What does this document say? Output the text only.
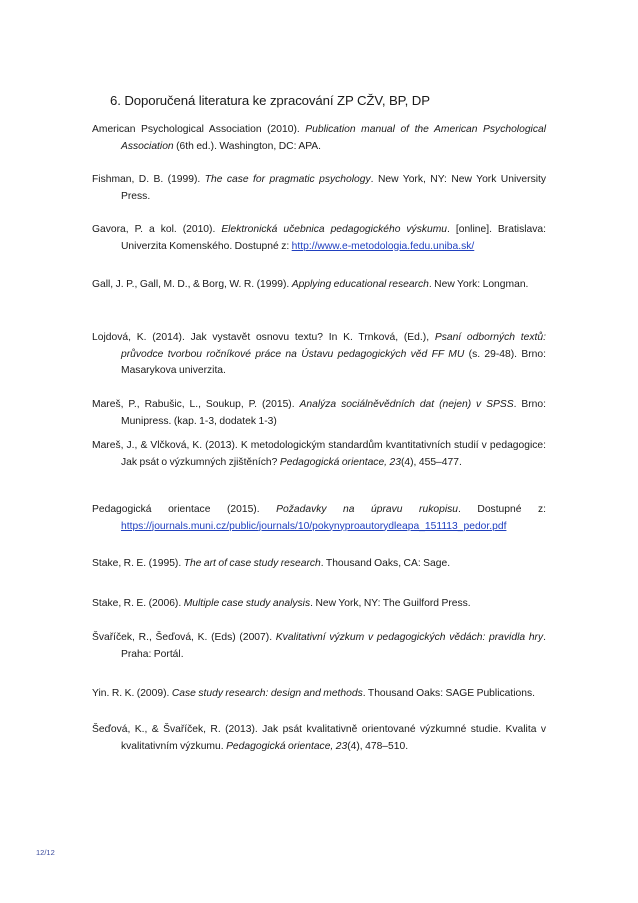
6. Doporučená literatura ke zpracování ZP CŽV, BP, DP
American Psychological Association (2010). Publication manual of the American Psychological Association (6th ed.). Washington, DC: APA.
Fishman, D. B. (1999). The case for pragmatic psychology. New York, NY: New York University Press.
Gavora, P. a kol. (2010). Elektronická učebnica pedagogického výskumu. [online]. Bratislava: Univerzita Komenského. Dostupné z: http://www.e-metodologia.fedu.uniba.sk/
Gall, J. P., Gall, M. D., & Borg, W. R. (1999). Applying educational research. New York: Longman.
Lojdová, K. (2014). Jak vystavět osnovu textu? In K. Trnková, (Ed.), Psaní odborných textů: průvodce tvorbou ročníkové práce na Ústavu pedagogických věd FF MU (s. 29-48). Brno: Masarykova univerzita.
Mareš, P., Rabušic, L., Soukup, P. (2015). Analýza sociálněvědních dat (nejen) v SPSS. Brno: Munipress. (kap. 1-3, dodatek 1-3)
Mareš, J., & Vlčková, K. (2013). K metodologickým standardům kvantitativních studií v pedagogice: Jak psát o výzkumných zjištěních? Pedagogická orientace, 23(4), 455–477.
Pedagogická orientace (2015). Požadavky na úpravu rukopisu. Dostupné z: https://journals.muni.cz/public/journals/10/pokynyproautorydleapa_151113_pedor.pdf
Stake, R. E. (1995). The art of case study research. Thousand Oaks, CA: Sage.
Stake, R. E. (2006). Multiple case study analysis. New York, NY: The Guilford Press.
Švaříček, R., Šeďová, K. (Eds) (2007). Kvalitativní výzkum v pedagogických vědách: pravidla hry. Praha: Portál.
Yin. R. K. (2009). Case study research: design and methods. Thousand Oaks: SAGE Publications.
Šeďová, K., & Švaříček, R. (2013). Jak psát kvalitativně orientované výzkumné studie. Kvalita v kvalitativním výzkumu. Pedagogická orientace, 23(4), 478–510.
12/12
